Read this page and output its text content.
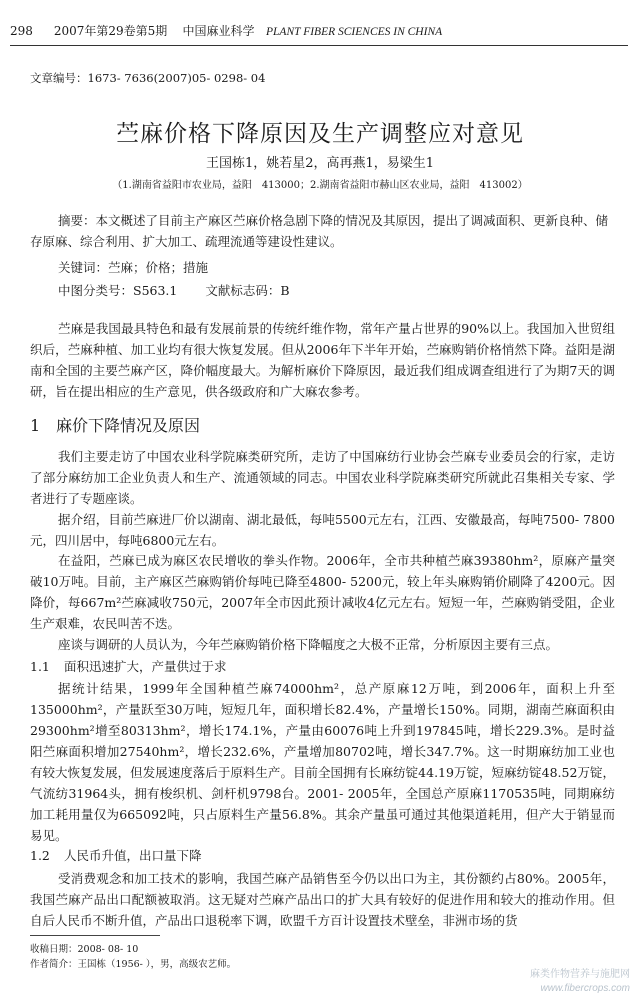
298 2007年第29卷第5期 中国麻业科学 PLANT FIBER SCIENCES IN CHINA
文章编号：1673- 7636(2007)05- 0298- 04
苎麻价格下降原因及生产调整应对意见
王国栋1，姚若星2，高再燕1，易梁生1
（1.湖南省益阳市农业局，益阳　413000；2.湖南省益阳市赫山区农业局，益阳　413002）

摘要：本文概述了目前主产麻区苎麻价格急剧下降的情况及其原因，提出了调减面积、更新良种、储存原麻、综合利用、扩大加工、疏理流通等建设性建议。

关键词：苎麻；价格；措施
中图分类号：S563.1 文献标志码：B

苎麻是我国最具特色和最有发展前景的传统纤维作物，常年产量占世界的90%以上。我国加入世贸组织后，苎麻种植、加工业均有很大恢复发展。但从2006年下半年开始，苎麻购销价格悄然下降。益阳是湖南和全国的主要苎麻产区，降价幅度最大。为解析麻价下降原因，最近我们组成调查组进行了为期7天的调研，旨在提出相应的生产意见，供各级政府和广大麻农参考。

1 麻价下降情况及原因

我们主要走访了中国农业科学院麻类研究所，走访了中国麻纺行业协会苎麻专业委员会的行家，走访了部分麻纺加工企业负责人和生产、流通领域的同志。中国农业科学院麻类研究所就此召集相关专家、学者进行了专题座谈。

据介绍，目前苎麻进厂价以湖南、湖北最低，每吨5500元左右，江西、安徽最高，每吨7500- 7800元，四川居中，每吨6800元左右。

在益阳，苎麻已成为麻区农民增收的拳头作物。2006年，全市共种植苎麻39380hm²，原麻产量突破10万吨。目前，主产麻区苎麻购销价每吨已降至4800- 5200元，较上年头麻购销价刷降了4200元。因降价，每667m²苎麻减收750元，2007年全市因此预计减收4亿元左右。短短一年，苎麻购销受阻，企业生产艰难，农民叫苦不迭。

座谈与调研的人员认为，今年苎麻购销价格下降幅度之大极不正常，分析原因主要有三点。

1.1 面积迅速扩大，产量供过于求

据统计结果，1999年全国种植苎麻74000hm²，总产原麻12万吨，到2006年，面积上升至135000hm²，产量跃至30万吨，短短几年，面积增长82.4%，产量增长150%。同期，湖南苎麻面积由29300hm²增至80313hm²，增长174.1%，产量由60076吨上升到197845吨，增长229.3%。是时益阳苎麻面积增加27540hm²，增长232.6%，产量增加80702吨，增长347.7%。这一时期麻纺加工业也有较大恢复发展，但发展速度落后于原料生产。目前全国拥有长麻纺锭44.19万锭，短麻纺锭48.52万锭，气流纺31964头，拥有梭织机、剑杆机9798台。2001- 2005年，全国总产原麻1170535吨，同期麻纺加工耗用量仅为665092吨，只占原料生产量56.8%。其余产量虽可通过其他渠道耗用，但产大于销显而易见。

1.2 人民币升值，出口量下降

受消费观念和加工技术的影响，我国苎麻产品销售至今仍以出口为主，其份额约占80%。2005年，我国苎麻产品出口配额被取消。这无疑对苎麻产品出口的扩大具有较好的促进作用和较大的推动作用。但自后人民币不断升值，产品出口退税率下调，欧盟千方百计设置技术壁垒，非洲市场的货

收稿日期：2008- 08- 10
作者简介：王国栋（1956- ），男，高级农艺师。
麻类作物营养与施肥网
www.fibercrops.com
